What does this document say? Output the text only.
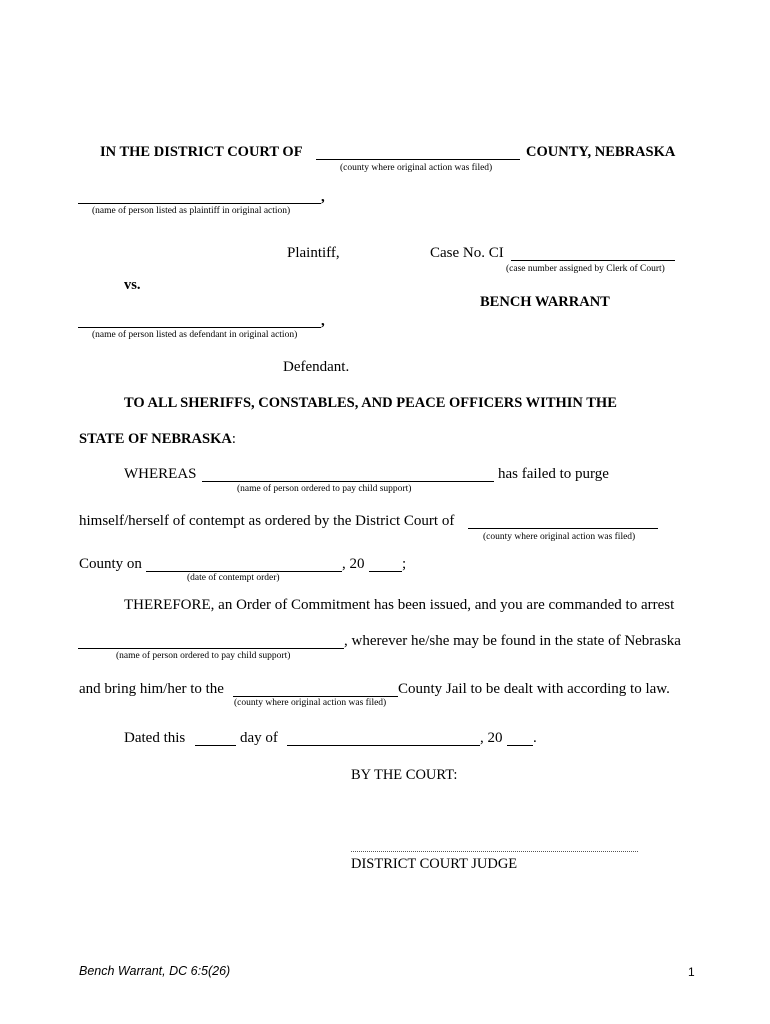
IN THE DISTRICT COURT OF	COUNTY, NEBRASKA
(county where original action was filed)
,
(name of person listed as plaintiff in original action)
Plaintiff,	Case No. CI
(case number assigned by Clerk of Court)
vs.
BENCH WARRANT
,
(name of person listed as defendant in original action)
Defendant.
TO ALL SHERIFFS, CONSTABLES, AND PEACE OFFICERS WITHIN THE
STATE OF NEBRASKA:
WHEREAS	has failed to purge
(name of person ordered to pay child support)
himself/herself of contempt as ordered by the District Court of
(county where original action was filed)
County on	, 20	;
(date of contempt order)
THEREFORE, an Order of Commitment has been issued, and you are commanded to arrest
, wherever he/she may be found in the state of Nebraska
(name of person ordered to pay child support)
and bring him/her to the	County Jail to be dealt with according to law.
(county where original action was filed)
Dated this	day of	, 20 .
BY THE COURT:
DISTRICT COURT JUDGE
Bench Warrant, DC 6:5(26)	1
